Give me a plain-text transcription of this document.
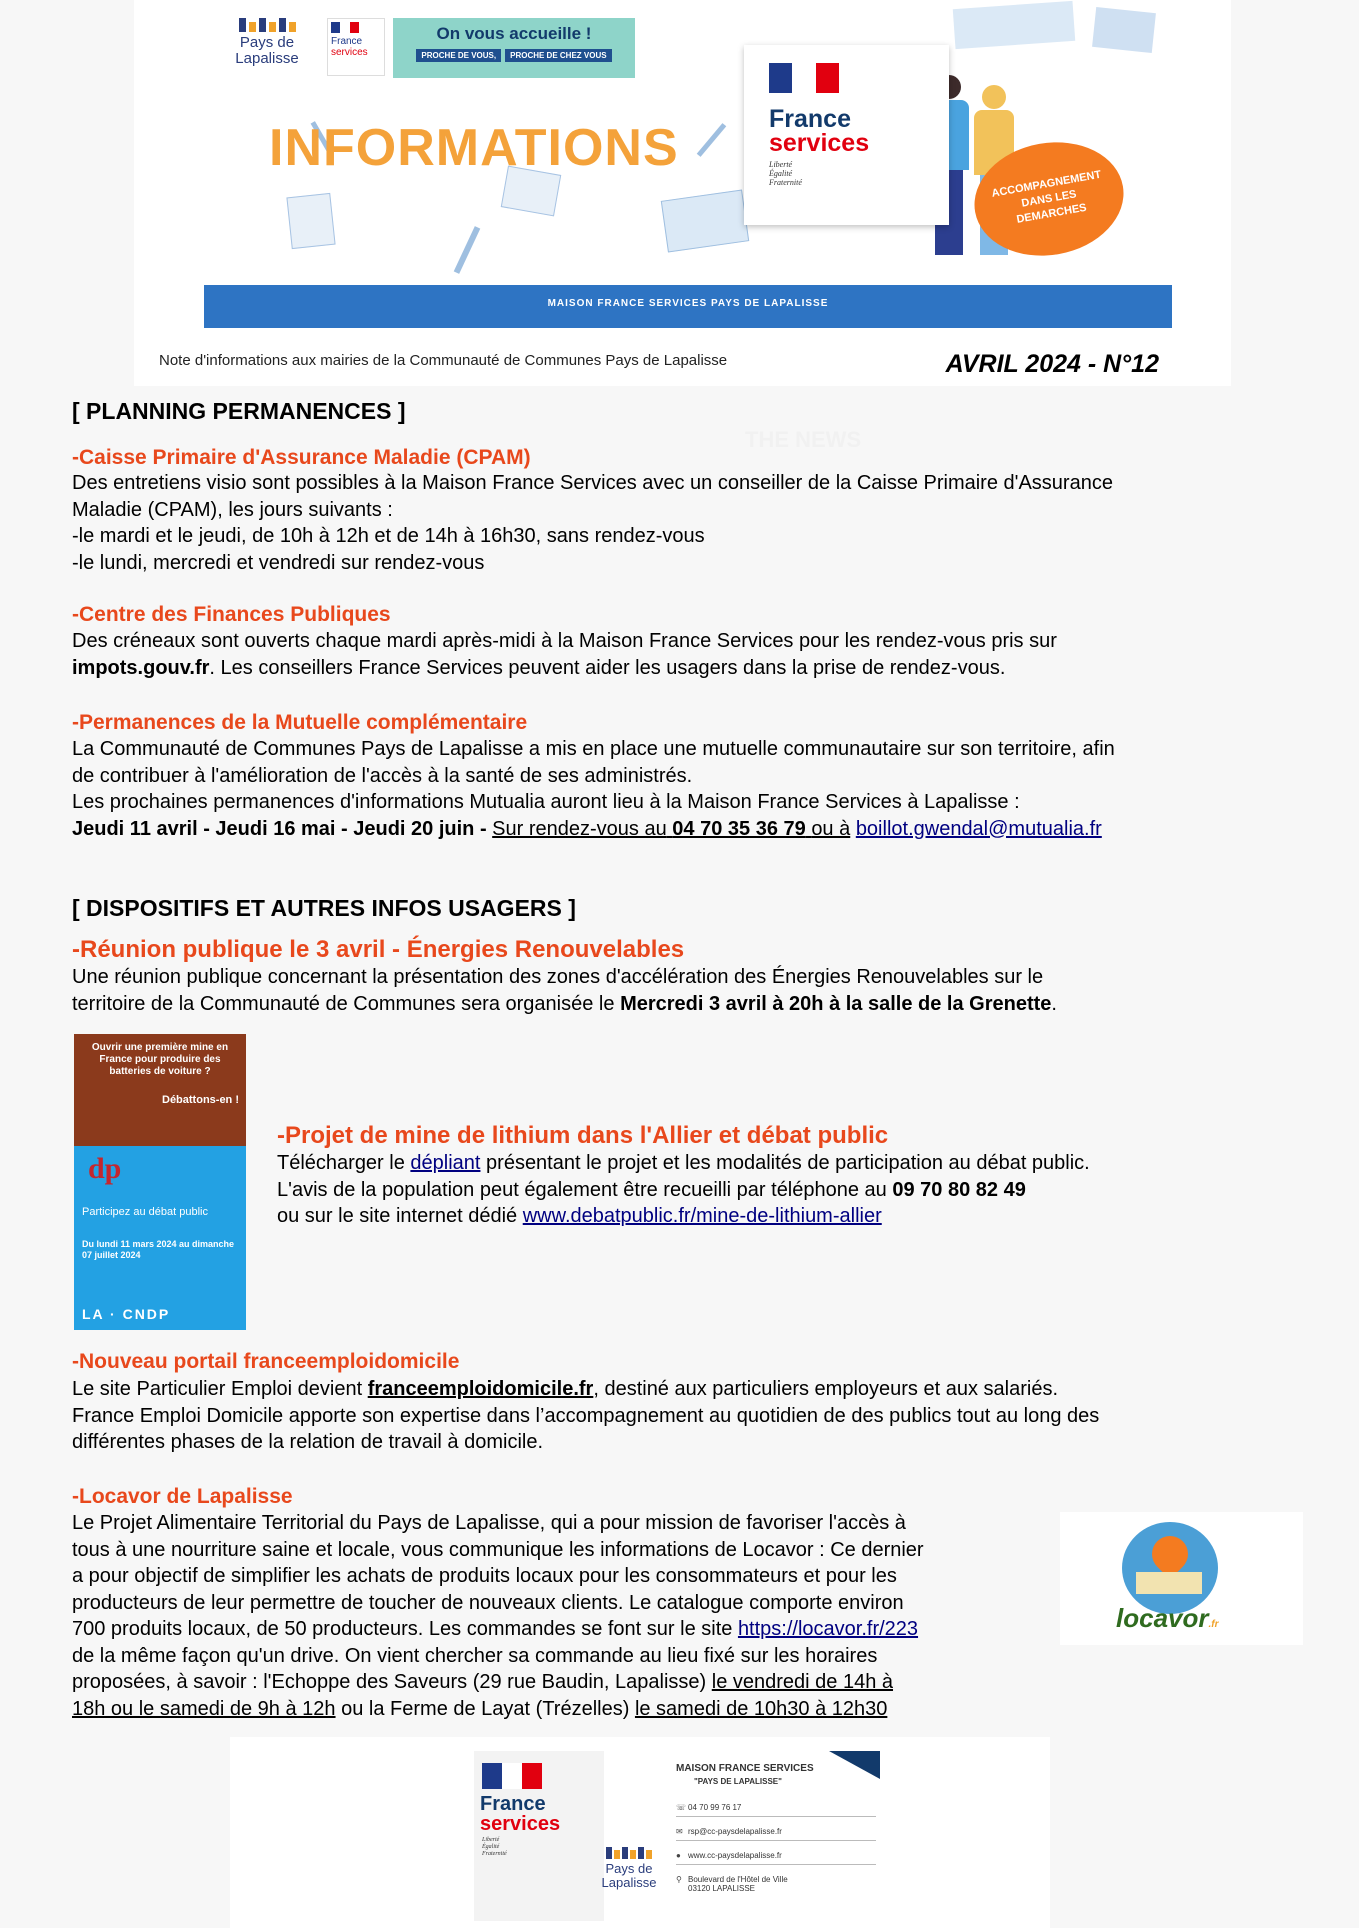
Pays de
Lapalisse
France
services
On vous accueille !
PROCHE DE VOUS,	PROCHE DE CHEZ VOUS
INFORMATIONS	France
services
Liberté
Égalité
Fraternité	ACCOMPAGNEMENT DANS LES DEMARCHES
MAISON FRANCE SERVICES PAYS DE LAPALISSE
Note d'informations aux mairies de la Communauté de Communes Pays de Lapalisse	AVRIL 2024 - N°12
THE NEWS
[ PLANNING PERMANENCES ]
-Caisse Primaire d'Assurance Maladie (CPAM)
Des entretiens visio sont possibles à la Maison France Services avec un conseiller de la Caisse Primaire d'Assurance
Maladie (CPAM), les jours suivants :
-le mardi et le jeudi, de 10h à 12h et de 14h à 16h30, sans rendez-vous
-le lundi, mercredi et vendredi sur rendez-vous
-Centre des Finances Publiques
Des créneaux sont ouverts chaque mardi après-midi à la Maison France Services pour les rendez-vous pris sur
impots.gouv.fr. Les conseillers France Services peuvent aider les usagers dans la prise de rendez-vous.
-Permanences de la Mutuelle complémentaire
La Communauté de Communes Pays de Lapalisse a mis en place une mutuelle communautaire sur son territoire, afin
de contribuer à l'amélioration de l'accès à la santé de ses administrés.
Les prochaines permanences d'informations Mutualia auront lieu à la Maison France Services à Lapalisse :
Jeudi 11 avril - Jeudi 16 mai - Jeudi 20 juin - Sur rendez-vous au 04 70 35 36 79 ou à boillot.gwendal@mutualia.fr
[ DISPOSITIFS ET AUTRES INFOS USAGERS ]
-Réunion publique le 3 avril - Énergies Renouvelables
Une réunion publique concernant la présentation des zones d'accélération des Énergies Renouvelables sur le
territoire de la Communauté de Communes sera organisée le Mercredi 3 avril à 20h à la salle de la Grenette.
Ouvrir une première mine en France pour produire des batteries de voiture ?
Débattons-en !
dp
Participez au débat public
Du lundi 11 mars 2024 au dimanche 07 juillet 2024
LA · CNDP
-Projet de mine de lithium dans l'Allier et débat public
Télécharger le dépliant présentant le projet et les modalités de participation au débat public.
L'avis de la population peut également être recueilli par téléphone au 09 70 80 82 49
ou sur le site internet dédié www.debatpublic.fr/mine-de-lithium-allier
-Nouveau portail franceemploidomicile
Le site Particulier Emploi devient franceemploidomicile.fr, destiné aux particuliers employeurs et aux salariés.
France Emploi Domicile apporte son expertise dans l’accompagnement au quotidien de des publics tout au long des
différentes phases de la relation de travail à domicile.
-Locavor de Lapalisse
Le Projet Alimentaire Territorial du Pays de Lapalisse, qui a pour mission de favoriser l'accès à
tous à une nourriture saine et locale, vous communique les informations de Locavor : Ce dernier
a pour objectif de simplifier les achats de produits locaux pour les consommateurs et pour les
producteurs de leur permettre de toucher de nouveaux clients. Le catalogue comporte environ
700 produits locaux, de 50 producteurs. Les commandes se font sur le site https://locavor.fr/223
de la même façon qu'un drive. On vient chercher sa commande au lieu fixé sur les horaires
proposées, à savoir : l'Echoppe des Saveurs (29 rue Baudin, Lapalisse) le vendredi de 14h à
18h ou le samedi de 9h à 12h ou la Ferme de Layat (Trézelles) le samedi de 10h30 à 12h30
locavor.fr
France
services
Liberté
Égalité
Fraternité
Pays de
Lapalisse
MAISON FRANCE SERVICES
"PAYS DE LAPALISSE"
☏ 04 70 99 76 17
✉ rsp@cc-paysdelapalisse.fr
● www.cc-paysdelapalisse.fr
⚲ Boulevard de l'Hôtel de Ville
03120 LAPALISSE
